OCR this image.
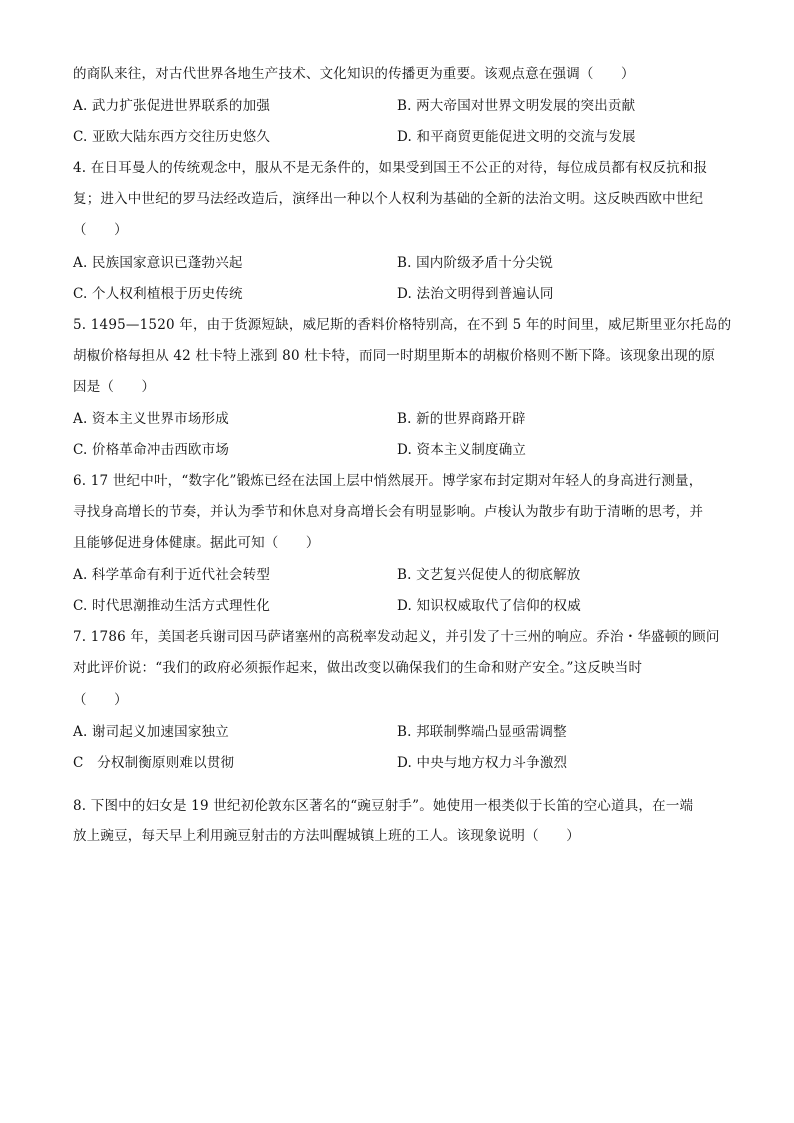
的商队来往，对古代世界各地生产技术、文化知识的传播更为重要。该观点意在强调（　　）
A. 武力扩张促进世界联系的加强	B. 两大帝国对世界文明发展的突出贡献
C. 亚欧大陆东西方交往历史悠久	D. 和平商贸更能促进文明的交流与发展
4. 在日耳曼人的传统观念中，服从不是无条件的，如果受到国王不公正的对待，每位成员都有权反抗和报
复；进入中世纪的罗马法经改造后，演绎出一种以个人权利为基础的全新的法治文明。这反映西欧中世纪
（　　）
A. 民族国家意识已蓬勃兴起	B. 国内阶级矛盾十分尖锐
C. 个人权利植根于历史传统	D. 法治文明得到普遍认同
5. 1495—1520 年，由于货源短缺，威尼斯的香料价格特别高，在不到 5 年的时间里，威尼斯里亚尔托岛的
胡椒价格每担从 42 杜卡特上涨到 80 杜卡特，而同一时期里斯本的胡椒价格则不断下降。该现象出现的原
因是（　　）
A. 资本主义世界市场形成	B. 新的世界商路开辟
C. 价格革命冲击西欧市场	D. 资本主义制度确立
6. 17 世纪中叶，“数字化”锻炼已经在法国上层中悄然展开。博学家布封定期对年轻人的身高进行测量，
寻找身高增长的节奏，并认为季节和休息对身高增长会有明显影响。卢梭认为散步有助于清晰的思考，并
且能够促进身体健康。据此可知（　　）
A. 科学革命有利于近代社会转型	B. 文艺复兴促使人的彻底解放
C. 时代思潮推动生活方式理性化	D. 知识权威取代了信仰的权威
7. 1786 年，美国老兵谢司因马萨诸塞州的高税率发动起义，并引发了十三州的响应。乔治・华盛顿的顾问
对此评价说：“我们的政府必须振作起来，做出改变以确保我们的生命和财产安全。”这反映当时
（　　）
A. 谢司起义加速国家独立	B. 邦联制弊端凸显亟需调整
C　分权制衡原则难以贯彻	D. 中央与地方权力斗争激烈
8. 下图中的妇女是 19 世纪初伦敦东区著名的“豌豆射手”。她使用一根类似于长笛的空心道具，在一端
放上豌豆，每天早上利用豌豆射击的方法叫醒城镇上班的工人。该现象说明（　　）
